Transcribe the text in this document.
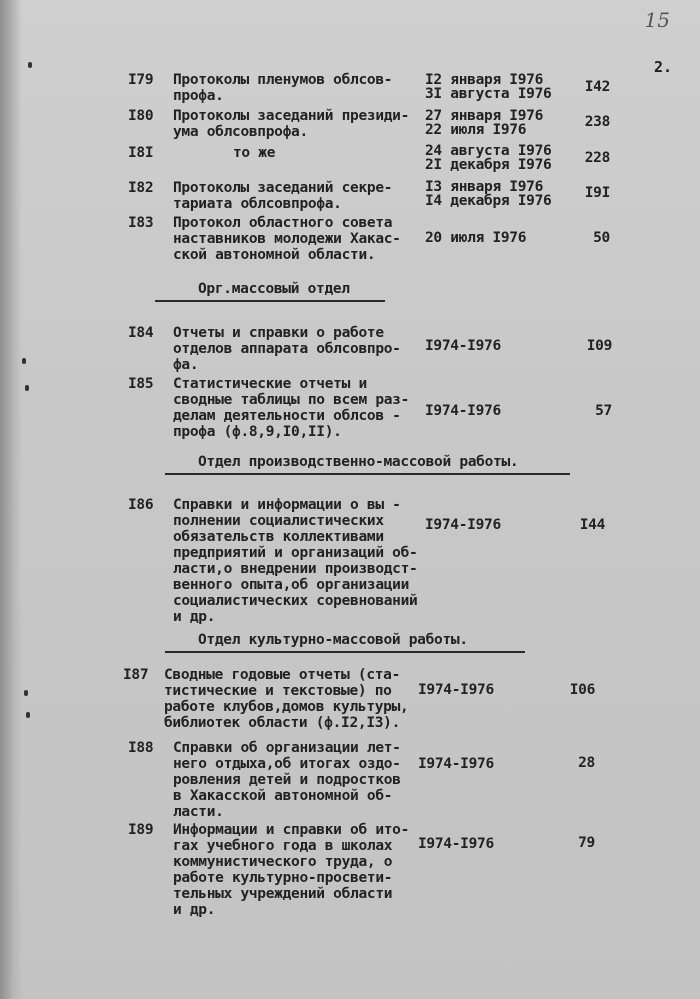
15
2.
I79 Протоколы пленумов облсов-
профа.
I2 января I976
3I августа I976	I42
I80 Протоколы заседаний президи-
ума облсовпрофа.
27 января I976
22 июля I976	238
I8I	то же	24 августа I976
2I декабря I976	228
I82 Протоколы заседаний секре-
тариата облсовпрофа.
I3 января I976
I4 декабря I976	I9I
I83 Протокол областного совета
наставников молодежи Хакас-
ской автономной области.
20 июля I976	50
Орг.массовый отдел
I84 Отчеты и справки о работе
отделов аппарата облсовпро-
фа.
I974-I976	I09
I85 Статистические отчеты и
сводные таблицы по всем раз-
делам деятельности облсов -
профа (ф.8,9,I0,II).
I974-I976	57
Отдел производственно-массовой работы.
I86 Справки и информации о вы -
полнении социалистических
обязательств коллективами
предприятий и организаций об-
ласти,о внедрении производст-
венного опыта,об организации
социалистических соревнований
и др.
I974-I976	I44
Отдел культурно-массовой работы.
I87 Сводные годовые отчеты (ста-
тистические и текстовые) по
работе клубов,домов культуры,
библиотек области (ф.I2,I3).
I974-I976	I06
I88 Справки об организации лет-
него отдыха,об итогах оздо-
ровления детей и подростков
в Хакасской автономной об-
ласти.
I974-I976	28
I89 Информации и справки об ито-
гах учебного года в школах
коммунистического труда, о
работе культурно-просвети-
тельных учреждений области
и др.
I974-I976	79
